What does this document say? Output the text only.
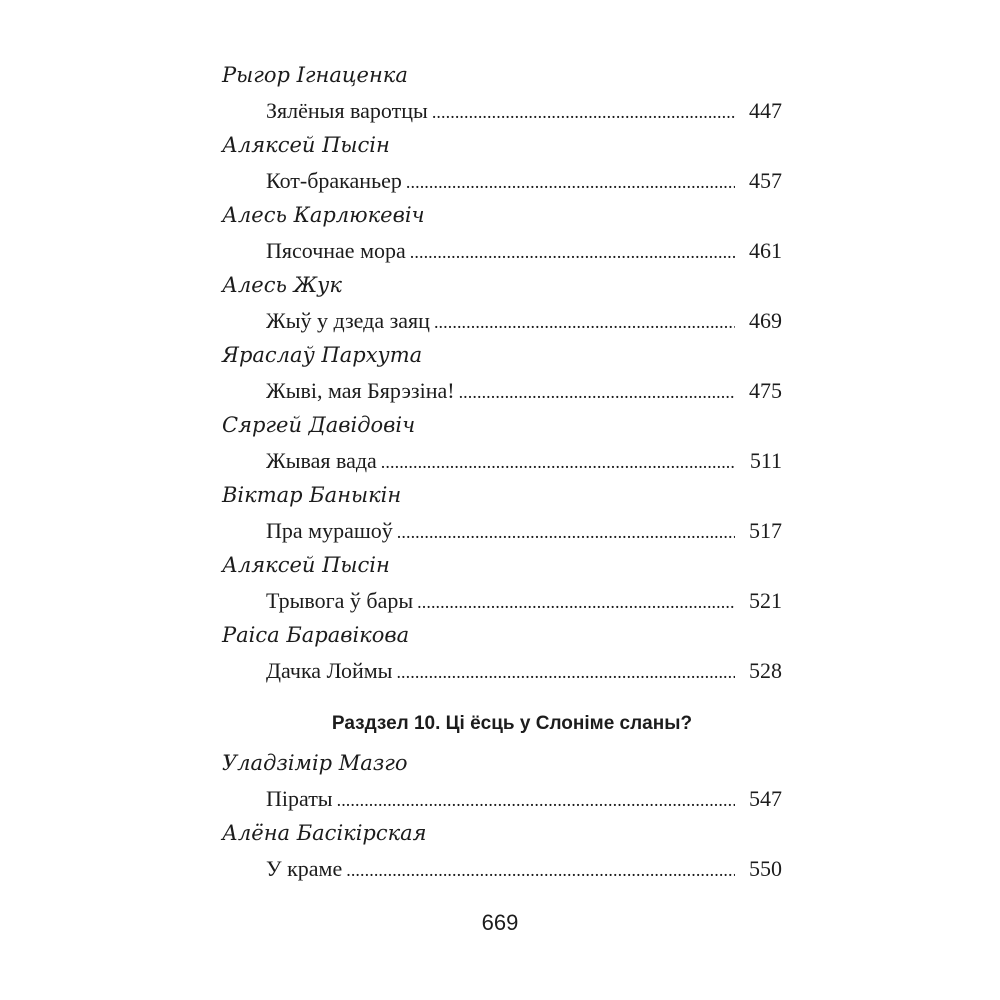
Рыгор Ігнаценка
Зялёныя варотцы . . .	447
Аляксей Пысін
Кот-браканьер . . .	457
Алесь Карлюкевіч
Пясочнае мора . . .	461
Алесь Жук
Жыў у дзеда заяц . . .	469
Яраслаў Пархута
Жыві, мая Бярэзіна! . . .	475
Сяргей Давідовіч
Жывая вада . . .	511
Віктар Баныкін
Пра мурашоў . . .	517
Аляксей Пысін
Трывога ў бары . . .	521
Раіса Баравікова
Дачка Лоймы . . .	528
Раздзел 10. Ці ёсць у Слоніме сланы?
Уладзімір Мазго
Піраты . . .	547
Алёна Басікірская
У краме . . .	550
669
